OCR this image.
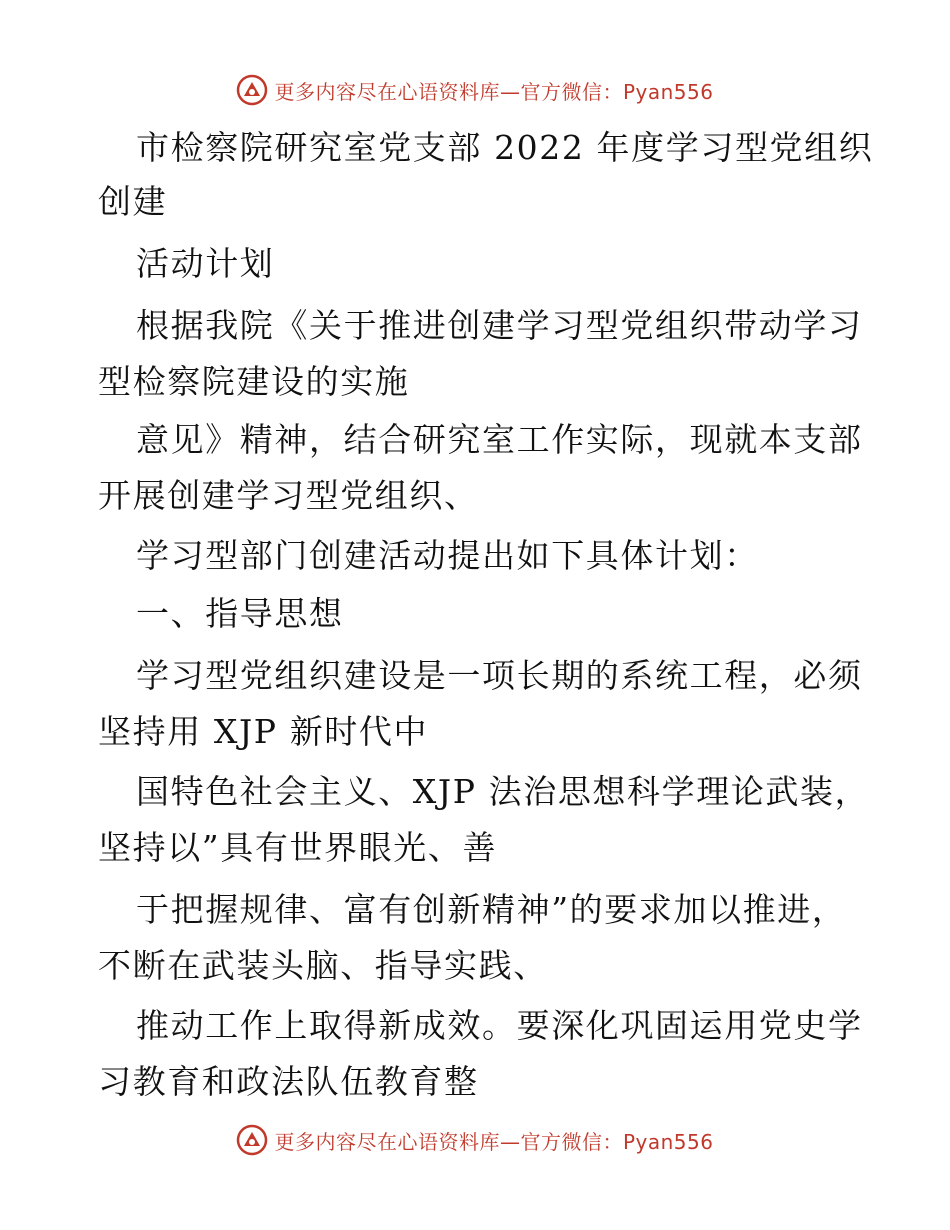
更多内容尽在心语资料库—官方微信：Pyan556
市检察院研究室党支部 2022 年度学习型党组织
创建
活动计划
根据我院《关于推进创建学习型党组织带动学习
型检察院建设的实施
意见》精神，结合研究室工作实际，现就本支部
开展创建学习型党组织、
学习型部门创建活动提出如下具体计划：
一、指导思想
学习型党组织建设是一项长期的系统工程，必须
坚持用 XJP 新时代中
国特色社会主义、XJP 法治思想科学理论武装，
坚持以”具有世界眼光、善
于把握规律、富有创新精神”的要求加以推进，
不断在武装头脑、指导实践、
推动工作上取得新成效。要深化巩固运用党史学
习教育和政法队伍教育整
更多内容尽在心语资料库—官方微信：Pyan556
